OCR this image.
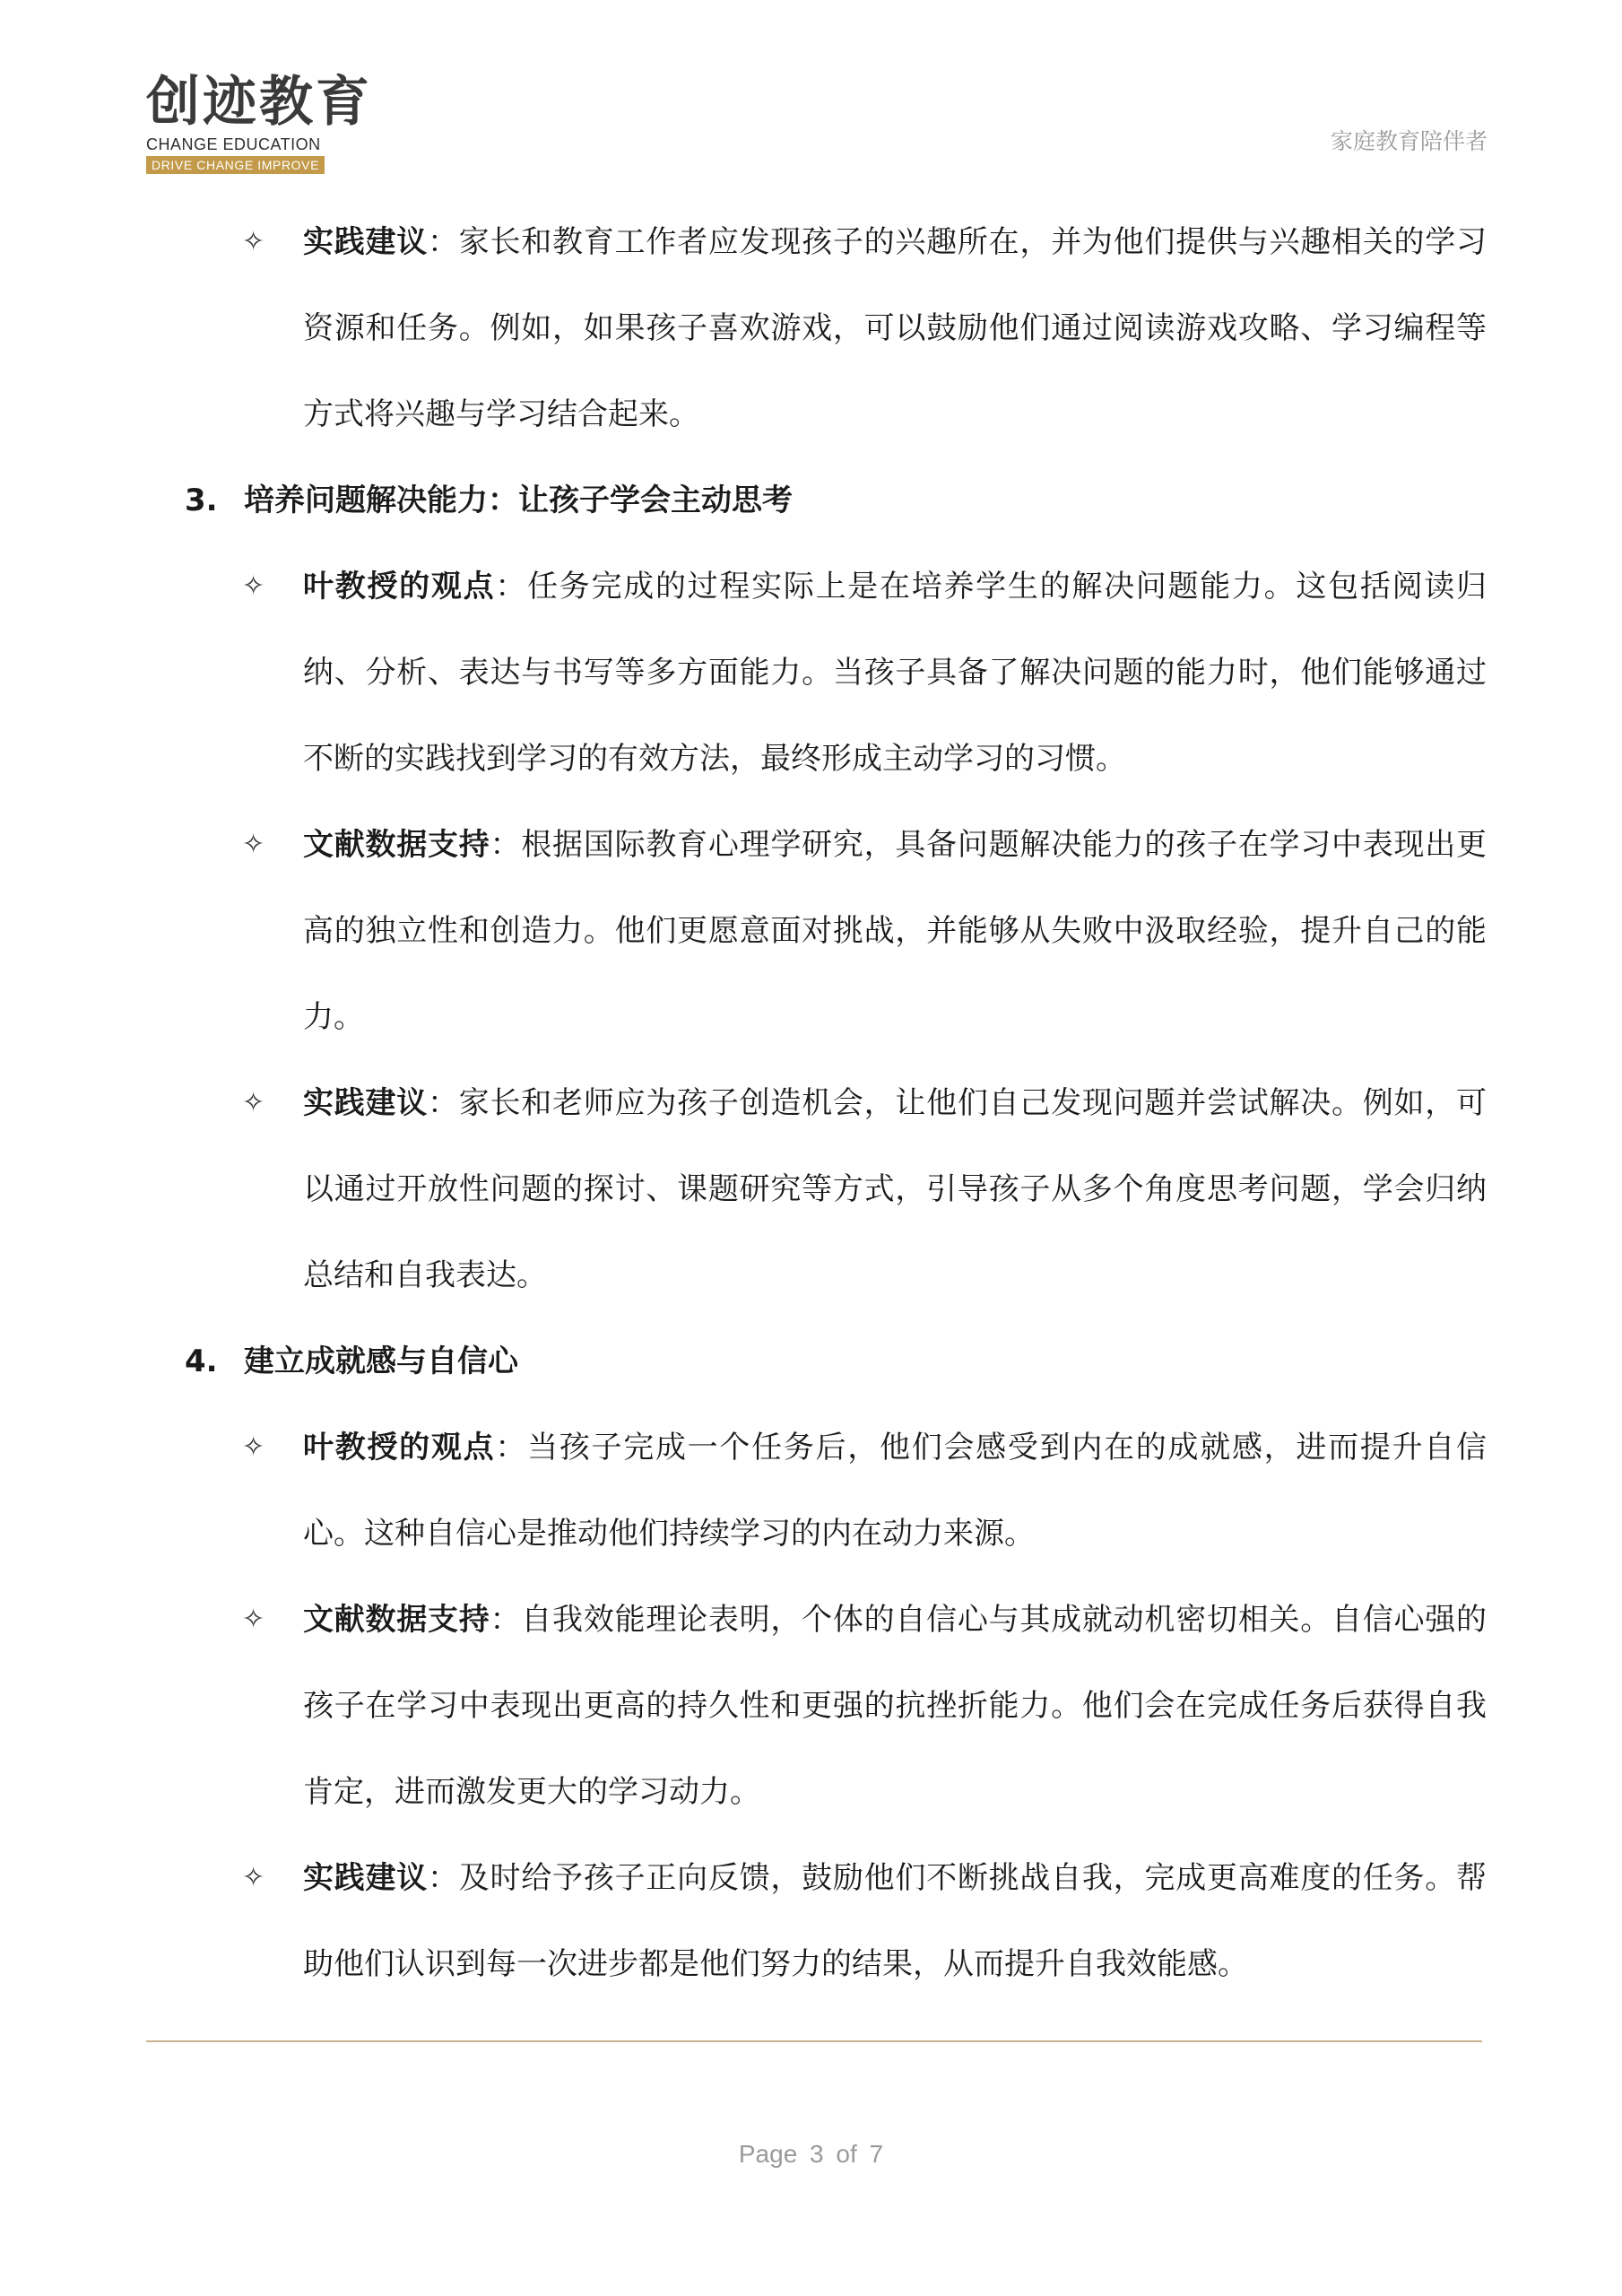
创迹教育
CHANGE EDUCATION
DRIVE CHANGE IMPROVE
家庭教育陪伴者
✧ 实践建议：家长和教育工作者应发现孩子的兴趣所在，并为他们提供与兴趣相关的学习资源和任务。例如，如果孩子喜欢游戏，可以鼓励他们通过阅读游戏攻略、学习编程等方式将兴趣与学习结合起来。
3. 培养问题解决能力：让孩子学会主动思考
✧ 叶教授的观点：任务完成的过程实际上是在培养学生的解决问题能力。这包括阅读归纳、分析、表达与书写等多方面能力。当孩子具备了解决问题的能力时，他们能够通过不断的实践找到学习的有效方法，最终形成主动学习的习惯。
✧ 文献数据支持：根据国际教育心理学研究，具备问题解决能力的孩子在学习中表现出更高的独立性和创造力。他们更愿意面对挑战，并能够从失败中汲取经验，提升自己的能力。
✧ 实践建议：家长和老师应为孩子创造机会，让他们自己发现问题并尝试解决。例如，可以通过开放性问题的探讨、课题研究等方式，引导孩子从多个角度思考问题，学会归纳总结和自我表达。
4. 建立成就感与自信心
✧ 叶教授的观点：当孩子完成一个任务后，他们会感受到内在的成就感，进而提升自信心。这种自信心是推动他们持续学习的内在动力来源。
✧ 文献数据支持：自我效能理论表明，个体的自信心与其成就动机密切相关。自信心强的孩子在学习中表现出更高的持久性和更强的抗挫折能力。他们会在完成任务后获得自我肯定，进而激发更大的学习动力。
✧ 实践建议：及时给予孩子正向反馈，鼓励他们不断挑战自我，完成更高难度的任务。帮助他们认识到每一次进步都是他们努力的结果，从而提升自我效能感。
Page 3 of 7
